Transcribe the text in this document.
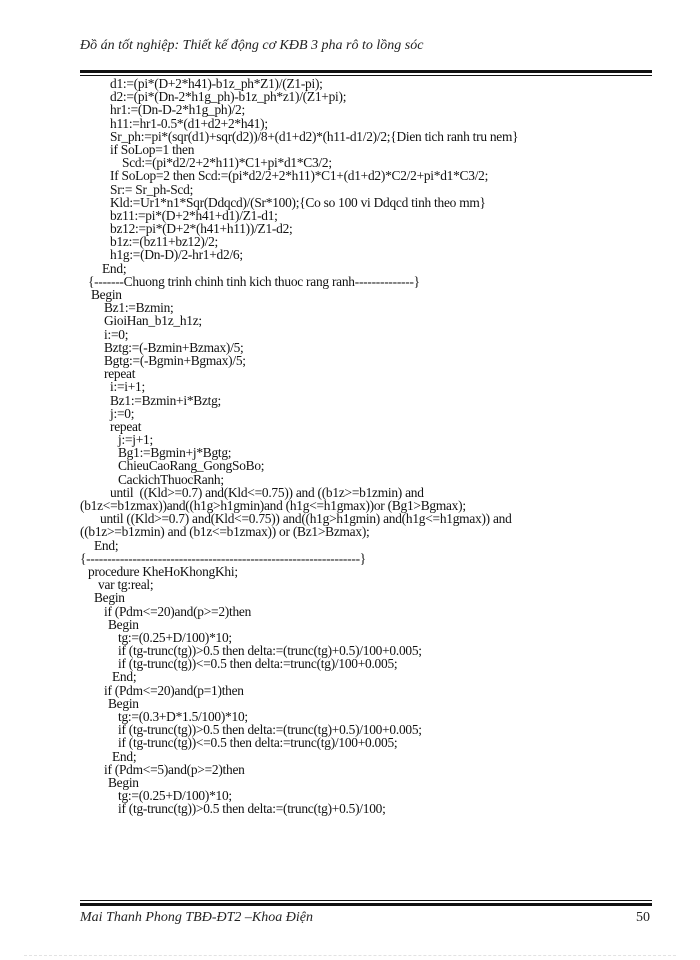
Đồ án tốt nghiệp: Thiết kế động cơ KĐB 3 pha rô to lồng sóc
d1:=(pi*(D+2*h41)-b1z_ph*Z1)/(Z1-pi);
d2:=(pi*(Dn-2*h1g_ph)-b1z_ph*z1)/(Z1+pi);
hr1:=(Dn-D-2*h1g_ph)/2;
h11:=hr1-0.5*(d1+d2+2*h41);
Sr_ph:=pi*(sqr(d1)+sqr(d2))/8+(d1+d2)*(h11-d1/2)/2;{Dien tich ranh tru nem}
if SoLop=1 then
Scd:=(pi*d2/2+2*h11)*C1+pi*d1*C3/2;
If SoLop=2 then Scd:=(pi*d2/2+2*h11)*C1+(d1+d2)*C2/2+pi*d1*C3/2;
Sr:= Sr_ph-Scd;
Kld:=Ur1*n1*Sqr(Ddqcd)/(Sr*100);{Co so 100 vi Ddqcd tinh theo mm}
bz11:=pi*(D+2*h41+d1)/Z1-d1;
bz12:=pi*(D+2*(h41+h11))/Z1-d2;
b1z:=(bz11+bz12)/2;
h1g:=(Dn-D)/2-hr1+d2/6;
End;
{-------Chuong trinh chinh tinh kich thuoc rang ranh--------------}
Begin
Bz1:=Bzmin;
GioiHan_b1z_h1z;
i:=0;
Bztg:=(-Bzmin+Bzmax)/5;
Bgtg:=(-Bgmin+Bgmax)/5;
repeat
i:=i+1;
Bz1:=Bzmin+i*Bztg;
j:=0;
repeat
j:=j+1;
Bg1:=Bgmin+j*Bgtg;
ChieuCaoRang_GongSoBo;
CackichThuocRanh;
until  ((Kld>=0.7) and(Kld<=0.75)) and ((b1z>=b1zmin) and
(b1z<=b1zmax))and((h1g>h1gmin)and (h1g<=h1gmax))or (Bg1>Bgmax);
until ((Kld>=0.7) and(Kld<=0.75)) and((h1g>h1gmin) and(h1g<=h1gmax)) and
((b1z>=b1zmin) and (b1z<=b1zmax)) or (Bz1>Bzmax);
End;
{-----------------------------------------------------------------}
procedure KheHoKhongKhi;
var tg:real;
Begin
if (Pdm<=20)and(p>=2)then
Begin
tg:=(0.25+D/100)*10;
if (tg-trunc(tg))>0.5 then delta:=(trunc(tg)+0.5)/100+0.005;
if (tg-trunc(tg))<=0.5 then delta:=trunc(tg)/100+0.005;
End;
if (Pdm<=20)and(p=1)then
Begin
tg:=(0.3+D*1.5/100)*10;
if (tg-trunc(tg))>0.5 then delta:=(trunc(tg)+0.5)/100+0.005;
if (tg-trunc(tg))<=0.5 then delta:=trunc(tg)/100+0.005;
End;
if (Pdm<=5)and(p>=2)then
Begin
tg:=(0.25+D/100)*10;
if (tg-trunc(tg))>0.5 then delta:=(trunc(tg)+0.5)/100;
Mai Thanh Phong TBĐ-ĐT2 –Khoa Điện	50
